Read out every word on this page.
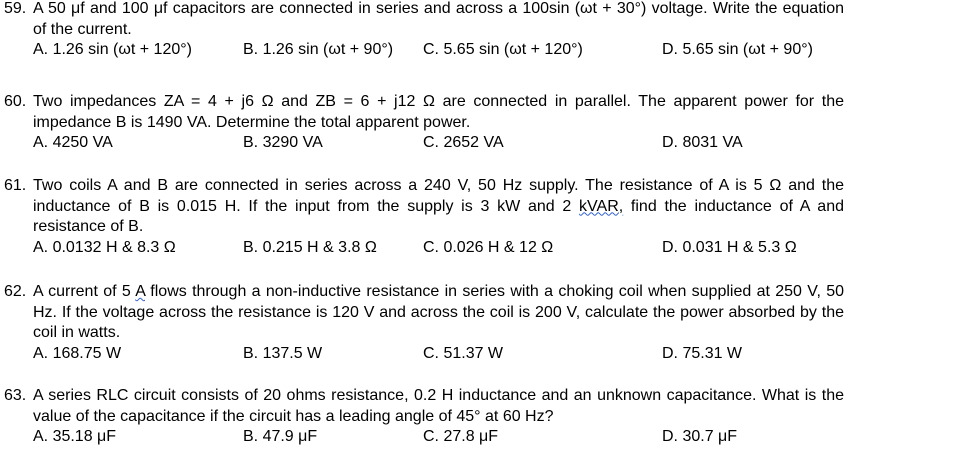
59. A 50 μf and 100 μf capacitors are connected in series and across a 100sin (ωt + 30°) voltage. Write the equation of the current.
A. 1.26 sin (ωt + 120°)	B. 1.26 sin (ωt + 90°) C. 5.65 sin (ωt + 120°)	D. 5.65 sin (ωt + 90°)
60. Two impedances ZA = 4 + j6 Ω and ZB = 6 + j12 Ω are connected in parallel. The apparent power for the impedance B is 1490 VA. Determine the total apparent power.
A. 4250 VA	B. 3290 VA	C. 2652 VA	D. 8031 VA
61. Two coils A and B are connected in series across a 240 V, 50 Hz supply. The resistance of A is 5 Ω and the inductance of B is 0.015 H. If the input from the supply is 3 kW and 2 kVAR, find the inductance of A and resistance of B.
A. 0.0132 H & 8.3 Ω	B. 0.215 H & 3.8 Ω	C. 0.026 H & 12 Ω	D. 0.031 H & 5.3 Ω
62. A current of 5 A flows through a non-inductive resistance in series with a choking coil when supplied at 250 V, 50 Hz. If the voltage across the resistance is 120 V and across the coil is 200 V, calculate the power absorbed by the coil in watts.
A. 168.75 W	B. 137.5 W	C. 51.37 W	D. 75.31 W
63. A series RLC circuit consists of 20 ohms resistance, 0.2 H inductance and an unknown capacitance. What is the value of the capacitance if the circuit has a leading angle of 45° at 60 Hz?
A. 35.18 μF	B. 47.9 μF	C. 27.8 μF	D. 30.7 μF
